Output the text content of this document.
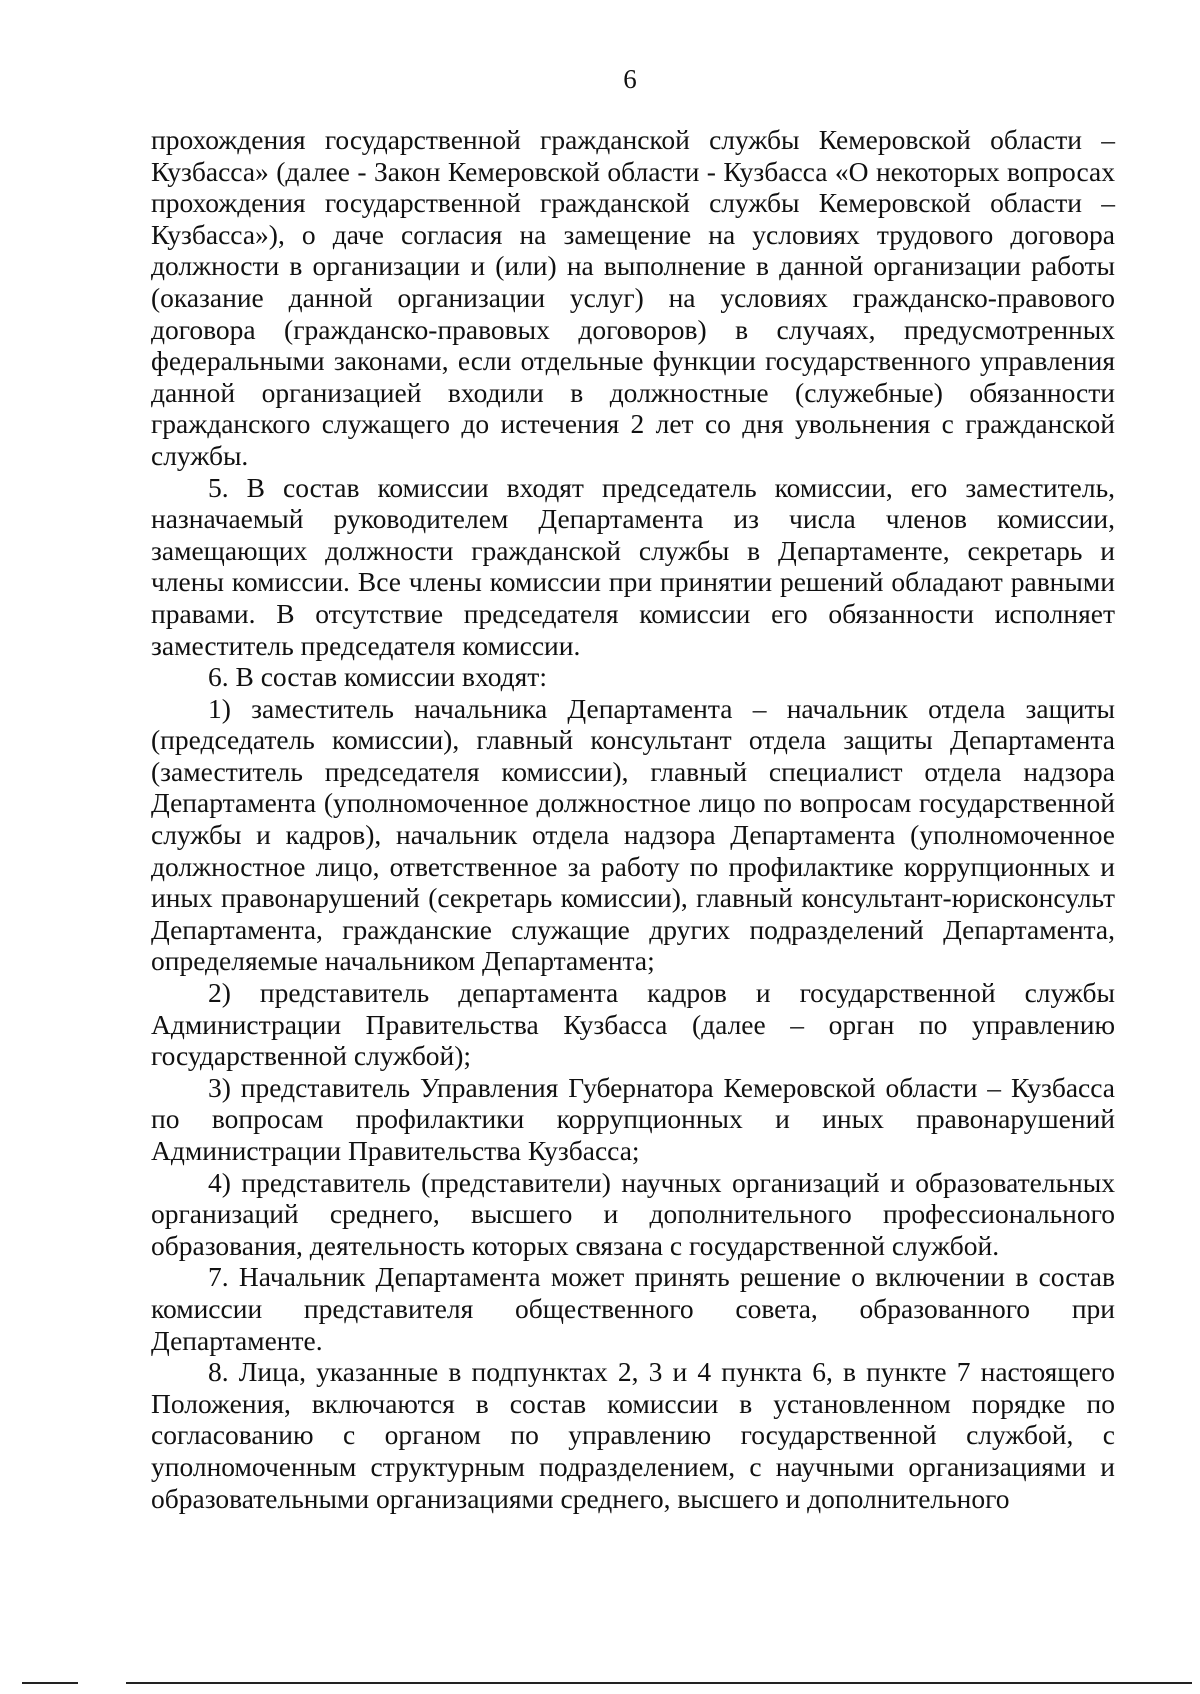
6

прохождения государственной гражданской службы Кемеровской области – Кузбасса» (далее - Закон Кемеровской области - Кузбасса «О некоторых вопросах прохождения государственной гражданской службы Кемеровской области – Кузбасса»), о даче согласия на замещение на условиях трудового договора должности в организации и (или) на выполнение в данной организации работы (оказание данной организации услуг) на условиях гражданско-правового договора (гражданско-правовых договоров) в случаях, предусмотренных федеральными законами, если отдельные функции государственного управления данной организацией входили в должностные (служебные) обязанности гражданского служащего до истечения 2 лет со дня увольнения с гражданской службы.

5. В состав комиссии входят председатель комиссии, его заместитель, назначаемый руководителем Департамента из числа членов комиссии, замещающих должности гражданской службы в Департаменте, секретарь и члены комиссии. Все члены комиссии при принятии решений обладают равными правами. В отсутствие председателя комиссии его обязанности исполняет заместитель председателя комиссии.

6. В состав комиссии входят:

1) заместитель начальника Департамента – начальник отдела защиты (председатель комиссии), главный консультант отдела защиты Департамента (заместитель председателя комиссии), главный специалист отдела надзора Департамента (уполномоченное должностное лицо по вопросам государственной службы и кадров), начальник отдела надзора Департамента (уполномоченное должностное лицо, ответственное за работу по профилактике коррупционных и иных правонарушений (секретарь комиссии), главный консультант-юрисконсульт Департамента, гражданские служащие других подразделений Департамента, определяемые начальником Департамента;

2) представитель департамента кадров и государственной службы Администрации Правительства Кузбасса (далее – орган по управлению государственной службой);

3) представитель Управления Губернатора Кемеровской области – Кузбасса по вопросам профилактики коррупционных и иных правонарушений Администрации Правительства Кузбасса;

4) представитель (представители) научных организаций и образовательных организаций среднего, высшего и дополнительного профессионального образования, деятельность которых связана с государственной службой.

7. Начальник Департамента может принять решение о включении в состав комиссии представителя общественного совета, образованного при Департаменте.

8. Лица, указанные в подпунктах 2, 3 и 4 пункта 6, в пункте 7 настоящего Положения, включаются в состав комиссии в установленном порядке по согласованию с органом по управлению государственной службой, с уполномоченным структурным подразделением, с научными организациями и образовательными организациями среднего, высшего и дополнительного
